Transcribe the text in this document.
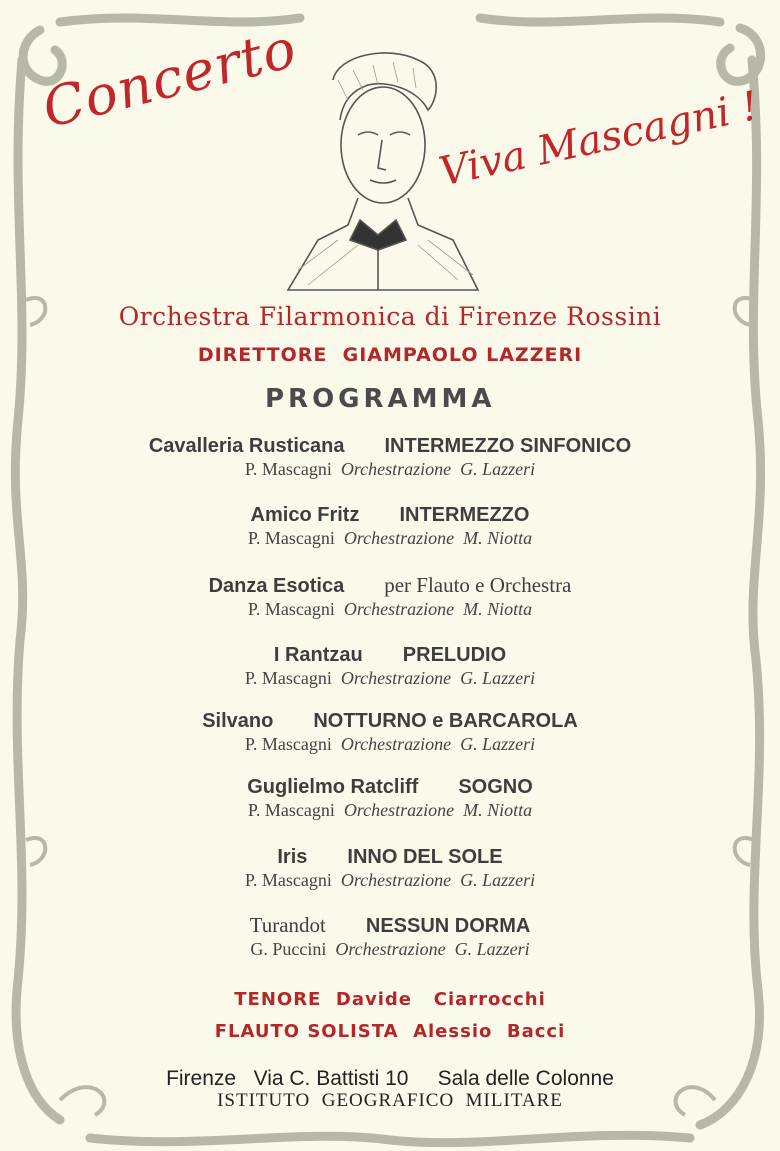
Concerto	Viva Mascagni !
Orchestra Filarmonica di Firenze Rossini
DIRETTORE  GIAMPAOLO LAZZERI
PROGRAMMA
Cavalleria Rusticana INTERMEZZO SINFONICO
P. Mascagni Orchestrazione G. Lazzeri
Amico Fritz INTERMEZZO
P. Mascagni Orchestrazione M. Niotta
Danza Esotica per Flauto e Orchestra
P. Mascagni Orchestrazione M. Niotta
I Rantzau PRELUDIO
P. Mascagni Orchestrazione G. Lazzeri
Silvano NOTTURNO e BARCAROLA
P. Mascagni Orchestrazione G. Lazzeri
Guglielmo Ratcliff SOGNO
P. Mascagni Orchestrazione M. Niotta
Iris INNO DEL SOLE
P. Mascagni Orchestrazione G. Lazzeri
Turandot NESSUN DORMA
G. Puccini Orchestrazione G. Lazzeri
TENORE  Davide   Ciarrocchi
FLAUTO SOLISTA  Alessio  Bacci
Firenze   Via C. Battisti 10     Sala delle Colonne
ISTITUTO  GEOGRAFICO  MILITARE
